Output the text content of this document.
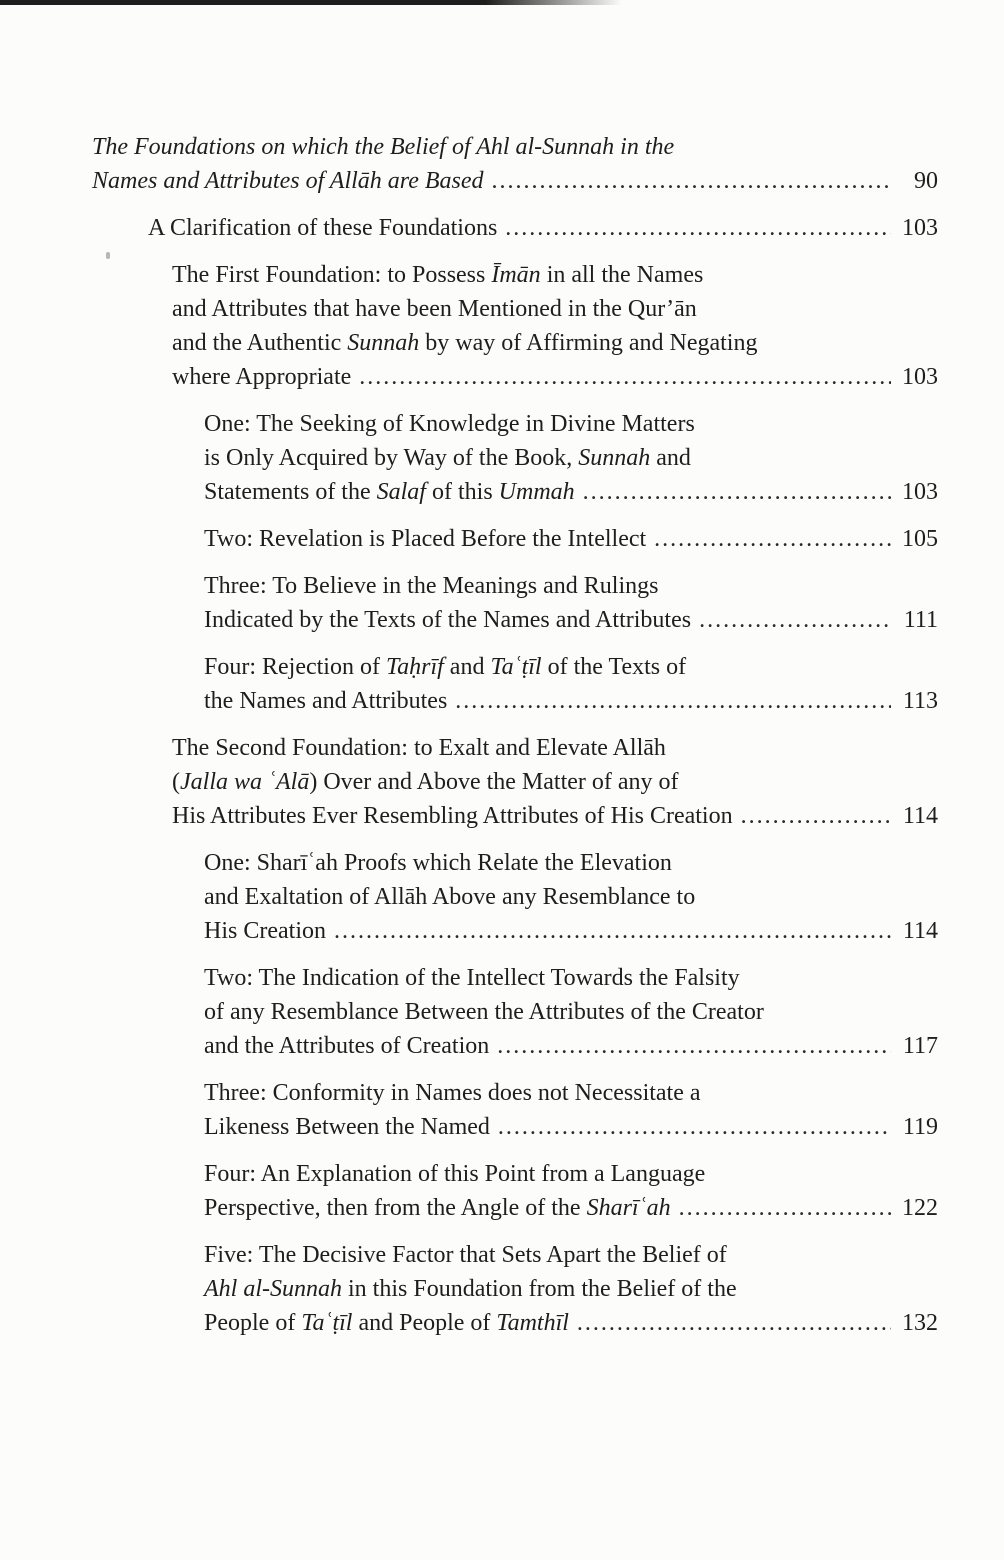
The Foundations on which the Belief of Ahl al-Sunnah in the
Names and Attributes of Allāh are Based .....	90
A Clarification of these Foundations .....	103
The First Foundation: to Possess Īmān in all the Names
and Attributes that have been Mentioned in the Qur’ān
and the Authentic Sunnah by way of Affirming and Negating
where Appropriate .....	103
One: The Seeking of Knowledge in Divine Matters
is Only Acquired by Way of the Book, Sunnah and
Statements of the Salaf of this Ummah .....	103
Two: Revelation is Placed Before the Intellect .....	105
Three: To Believe in the Meanings and Rulings
Indicated by the Texts of the Names and Attributes .....	111
Four: Rejection of Taḥrīf and Taʿṭīl of the Texts of
the Names and Attributes .....	113
The Second Foundation: to Exalt and Elevate Allāh
(Jalla wa ʿAlā) Over and Above the Matter of any of
His Attributes Ever Resembling Attributes of His Creation .....	114
One: Sharīʿah Proofs which Relate the Elevation
and Exaltation of Allāh Above any Resemblance to
His Creation .....	114
Two: The Indication of the Intellect Towards the Falsity
of any Resemblance Between the Attributes of the Creator
and the Attributes of Creation .....	117
Three: Conformity in Names does not Necessitate a
Likeness Between the Named .....	119
Four: An Explanation of this Point from a Language
Perspective, then from the Angle of the Sharīʿah .....	122
Five: The Decisive Factor that Sets Apart the Belief of
Ahl al-Sunnah in this Foundation from the Belief of the
People of Taʿṭīl and People of Tamthīl .....	132
